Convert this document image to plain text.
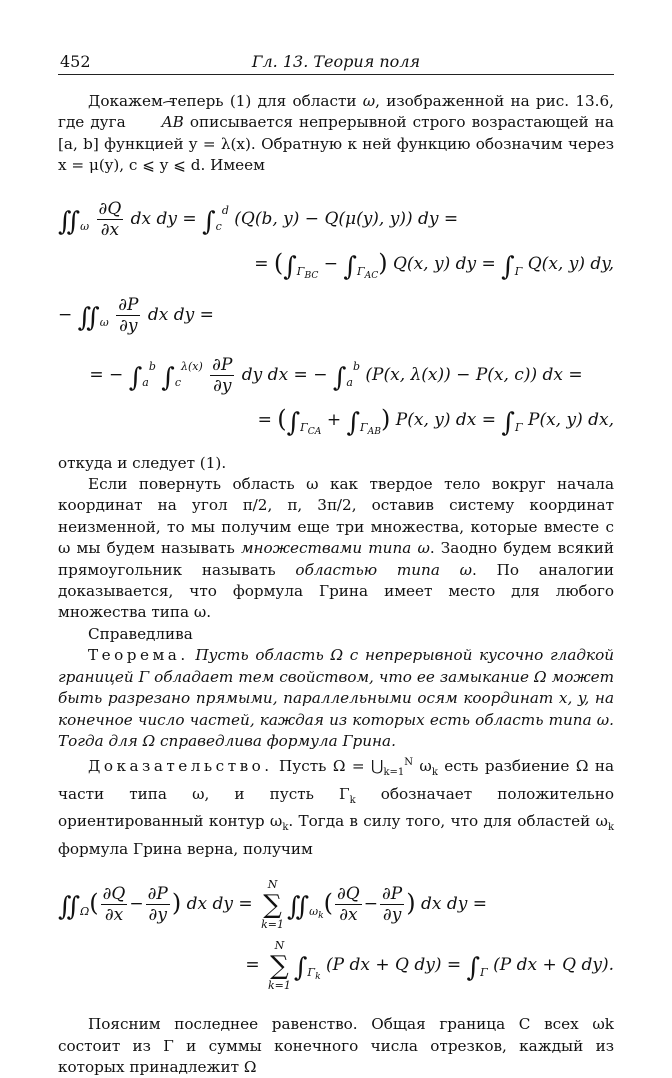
452	Гл. 13. Теория поля

Докажем теперь (1) для области ω, изображенной на рис. 13.6, где дуга ⁀ AB описывается непрерывной строго возрастающей на [a, b] функцией y = λ(x). Обратную к ней функцию обозначим через x = μ(y), c ⩽ y ⩽ d. Имеем

$∬_\omega \frac{\partial Q}{\partial x}$ dx dy = $\int_c^d$ (Q(b, y) − Q(μ(y), y)) dy =
= $(\int_{\Gamma_{BC}} - \int_{\Gamma_{AC}})$ Q(x, y) dy = $\int_\Gamma$ Q(x, y) dy,
− $∬_\omega \frac{\partial P}{\partial y}$ dx dy =
= − $\int_a^b$ $\int_c^{\lambda(x)} \frac{\partial P}{\partial y}$ dy dx = − $\int_a^b$ (P(x, λ(x)) − P(x, c)) dx =
= $(\int_{\Gamma_{CA}} + \int_{\Gamma_{AB}})$ P(x, y) dx = $\int_\Gamma$ P(x, y) dx,

откуда и следует (1).

Если повернуть область ω как твердое тело вокруг начала координат на угол π/2, π, 3π/2, оставив систему координат неизменной, то мы получим еще три множества, которые вместе с ω мы будем называть множествами типа ω. Заодно будем всякий прямоугольник называть областью типа ω. По аналогии доказывается, что формула Грина имеет место для любого множества типа ω.

Справедлива

Теорема. Пусть область Ω с непрерывной кусочно гладкой границей Γ обладает тем свойством, что ее замыкание Ω может быть разрезано прямыми, параллельными осям координат x, y, на конечное число частей, каждая из которых есть область типа ω. Тогда для Ω справедлива формула Грина.

Доказательство. Пусть $\Omega = ⋃_{k=1}^N$ $\omega_k$ есть разбиение Ω на части типа ω, и пусть $\Gamma_k$ обозначает положительно ориентированный контур $\omega_k$. Тогда в силу того, что для областей $\omega_k$ формула Грина верна, получим

$∬_\Omega( \frac{\partial Q}{\partial x} - \frac{\partial P}{\partial y}$ ) dx dy = N
∑
$k=1∬_{\omega_k}( \frac{\partial Q}{\partial x} - \frac{\partial P}{\partial y}$ ) dx dy =
= N
∑
$k=1\int_{\Gamma_k}$ (P dx + Q $dy) = \int_\Gamma$ (P dx + Q dy).

Поясним последнее равенство. Общая граница C всех ωk состоит из Γ и суммы конечного числа отрезков, каждый из которых принадлежит Ω
